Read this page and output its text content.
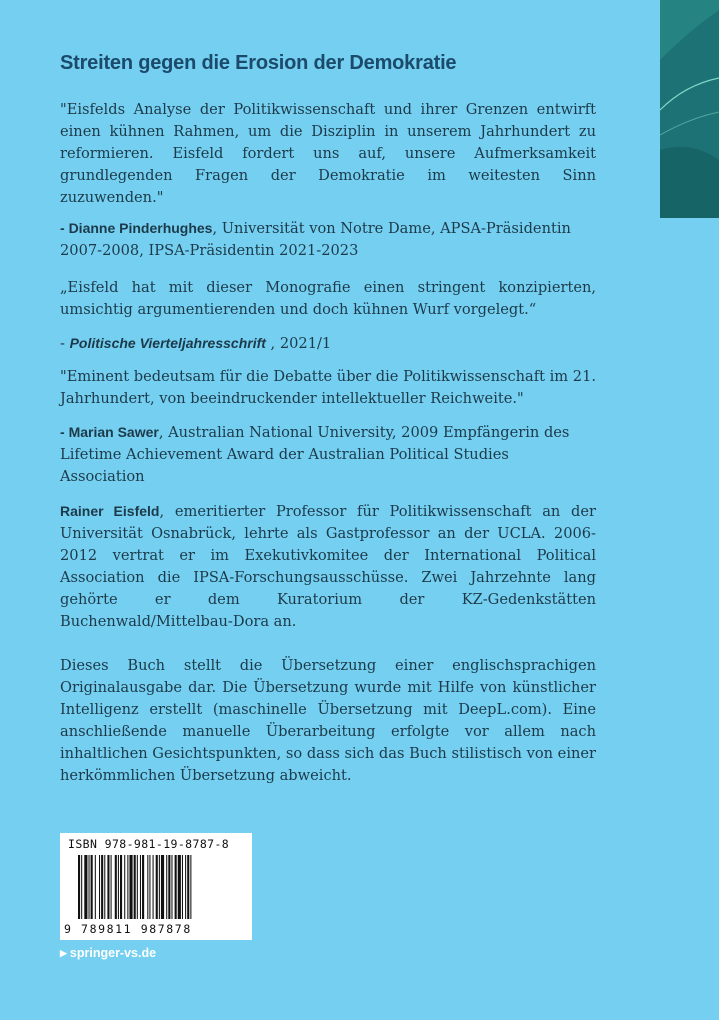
Streiten gegen die Erosion der Demokratie

"Eisfelds Analyse der Politikwissenschaft und ihrer Grenzen entwirft einen kühnen Rahmen, um die Disziplin in unserem Jahrhundert zu reformieren. Eisfeld fordert uns auf, unsere Aufmerksamkeit grundlegenden Fragen der Demokratie im weitesten Sinn zuzuwenden."

- Dianne Pinderhughes, Universität von Notre Dame, APSA-Präsidentin 2007-2008, IPSA-Präsidentin 2021-2023

„Eisfeld hat mit dieser Monografie einen stringent konzipierten, umsichtig argumentierenden und doch kühnen Wurf vorgelegt.“

- Politische Vierteljahresschrift , 2021/1

"Eminent bedeutsam für die Debatte über die Politikwissenschaft im 21. Jahrhundert, von beeindruckender intellektueller Reichweite."

- Marian Sawer, Australian National University, 2009 Empfängerin des Lifetime Achievement Award der Australian Political Studies Association

Rainer Eisfeld, emeritierter Professor für Politikwissenschaft an der Universität Osnabrück, lehrte als Gastprofessor an der UCLA. 2006-2012 vertrat er im Exekutivkomitee der International Political Association die IPSA-Forschungsausschüsse. Zwei Jahrzehnte lang gehörte er dem Kuratorium der KZ-Gedenkstätten Buchenwald/Mittelbau-Dora an.

Dieses Buch stellt die Übersetzung einer englischsprachigen Originalausgabe dar. Die Übersetzung wurde mit Hilfe von künstlicher Intelligenz erstellt (maschinelle Übersetzung mit DeepL.com). Eine anschließende manuelle Überarbeitung erfolgte vor allem nach inhaltlichen Gesichtspunkten, so dass sich das Buch stilistisch von einer herkömmlichen Übersetzung abweicht.

ISBN 978-981-19-8787-8
9 789811 987878
▶ springer-vs.de
